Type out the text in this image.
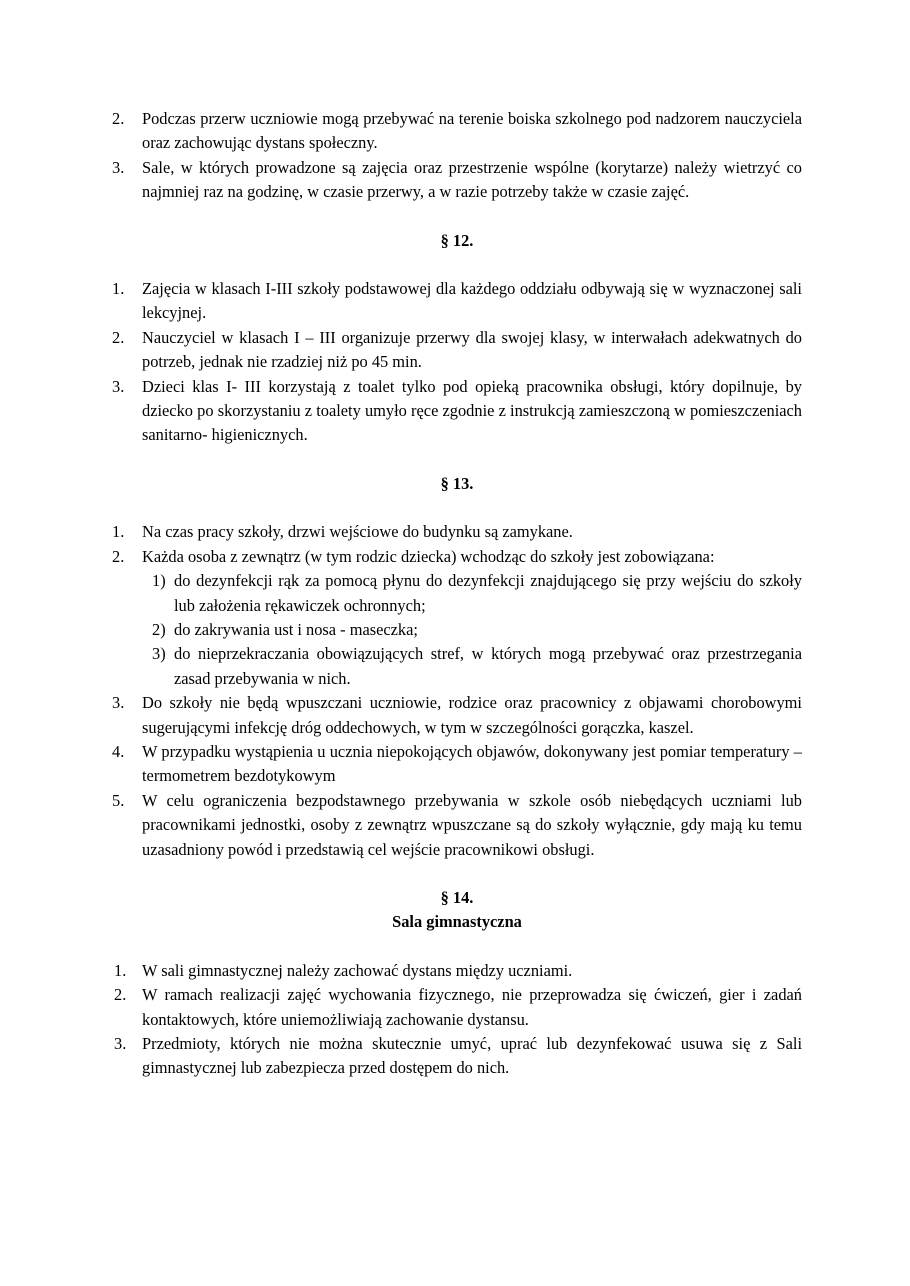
2.	Podczas przerw uczniowie mogą przebywać na terenie boiska szkolnego pod nadzorem nauczyciela oraz zachowując dystans społeczny.
3.	Sale, w których prowadzone są zajęcia oraz przestrzenie wspólne (korytarze) należy wietrzyć co najmniej raz na godzinę, w czasie przerwy, a w razie potrzeby także w czasie zajęć.

§ 12.

1.	Zajęcia w klasach I-III szkoły podstawowej dla każdego oddziału odbywają się w wyznaczonej sali lekcyjnej.
2.	Nauczyciel w klasach I – III organizuje przerwy dla swojej klasy, w interwałach adekwatnych do potrzeb, jednak nie rzadziej niż po 45 min.
3.	Dzieci klas I- III korzystają z toalet tylko pod opieką pracownika obsługi, który dopilnuje, by dziecko po skorzystaniu z toalety umyło ręce zgodnie z instrukcją zamieszczoną w pomieszczeniach sanitarno- higienicznych.

§ 13.

1.	Na czas pracy szkoły, drzwi wejściowe do budynku są zamykane.
2.	Każda osoba z zewnątrz (w tym rodzic dziecka) wchodząc do szkoły jest zobowiązana:
1) do dezynfekcji rąk za pomocą płynu do dezynfekcji znajdującego się przy wejściu do szkoły lub założenia rękawiczek ochronnych;
2) do zakrywania ust i nosa - maseczka;
3) do nieprzekraczania obowiązujących stref, w których mogą przebywać oraz przestrzegania zasad przebywania w nich.
3.	Do szkoły nie będą wpuszczani uczniowie, rodzice oraz pracownicy z objawami chorobowymi sugerującymi infekcję dróg oddechowych, w tym w szczególności gorączka, kaszel.
4.	W przypadku wystąpienia u ucznia niepokojących objawów, dokonywany jest pomiar temperatury – termometrem bezdotykowym
5.	W celu ograniczenia bezpodstawnego przebywania w szkole osób niebędących uczniami lub pracownikami jednostki, osoby z zewnątrz wpuszczane są do szkoły wyłącznie, gdy mają ku temu uzasadniony powód i przedstawią cel wejście pracownikowi obsługi.

§ 14.

Sala gimnastyczna

1. W sali gimnastycznej należy zachować dystans między uczniami.
2. W ramach realizacji zajęć wychowania fizycznego, nie przeprowadza się ćwiczeń, gier i zadań kontaktowych, które uniemożliwiają zachowanie dystansu.
3. Przedmioty, których nie można skutecznie umyć, uprać lub dezynfekować usuwa się z Sali gimnastycznej lub zabezpiecza przed dostępem do nich.
